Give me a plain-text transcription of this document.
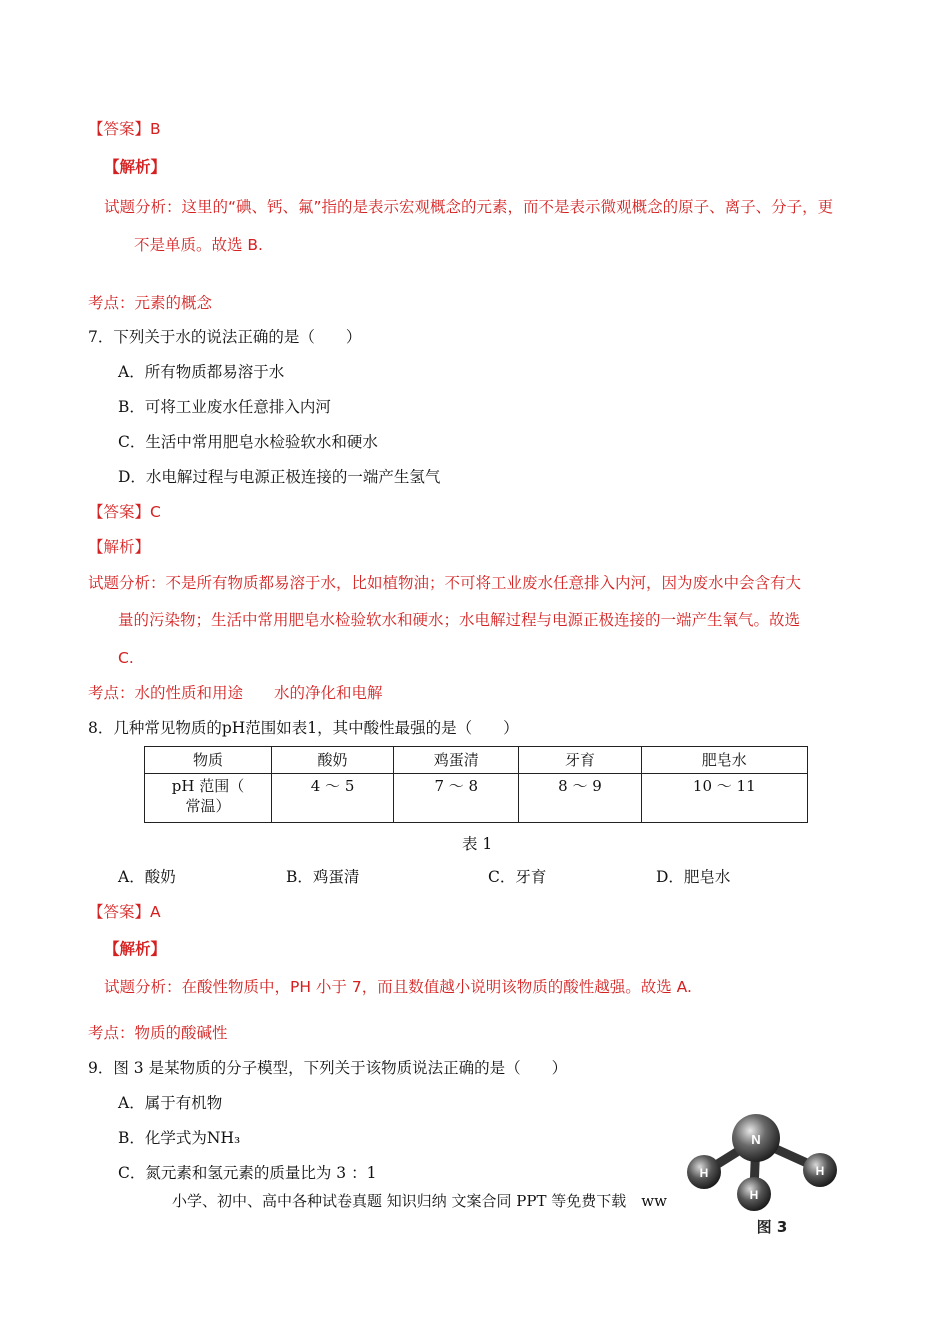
【答案】B
【解析】
试题分析：这里的“碘、钙、氟”指的是表示宏观概念的元素，而不是表示微观概念的原子、离子、分子，更
不是单质。故选 B.
考点：元素的概念
7．下列关于水的说法正确的是（　　）
A．所有物质都易溶于水
B．可将工业废水任意排入内河
C．生活中常用肥皂水检验软水和硬水
D．水电解过程与电源正极连接的一端产生氢气
【答案】C
【解析】
试题分析：不是所有物质都易溶于水，比如植物油；不可将工业废水任意排入内河，因为废水中会含有大
量的污染物；生活中常用肥皂水检验软水和硬水；水电解过程与电源正极连接的一端产生氧气。故选
C.
考点：水的性质和用途　　水的净化和电解
8．几种常见物质的pH范围如表1，其中酸性最强的是（　　）
物质	酸奶	鸡蛋清	牙育	肥皂水

pH 范围（
常温）	4 ～ 5	7 ～ 8	8 ～ 9	10 ～ 11
表 1
A．酸奶	B．鸡蛋清	C．牙育	D．肥皂水
【答案】A
【解析】
试题分析：在酸性物质中，PH 小于 7，而且数值越小说明该物质的酸性越强。故选 A.
考点：物质的酸碱性
9．图 3 是某物质的分子模型，下列关于该物质说法正确的是（　　）
A．属于有机物
B．化学式为NH₃
C．氮元素和氢元素的质量比为 3 ：1
小学、初中、高中各种试卷真题 知识归纳 文案合同 PPT 等免费下载　ww
N
H	H
H
图 3
